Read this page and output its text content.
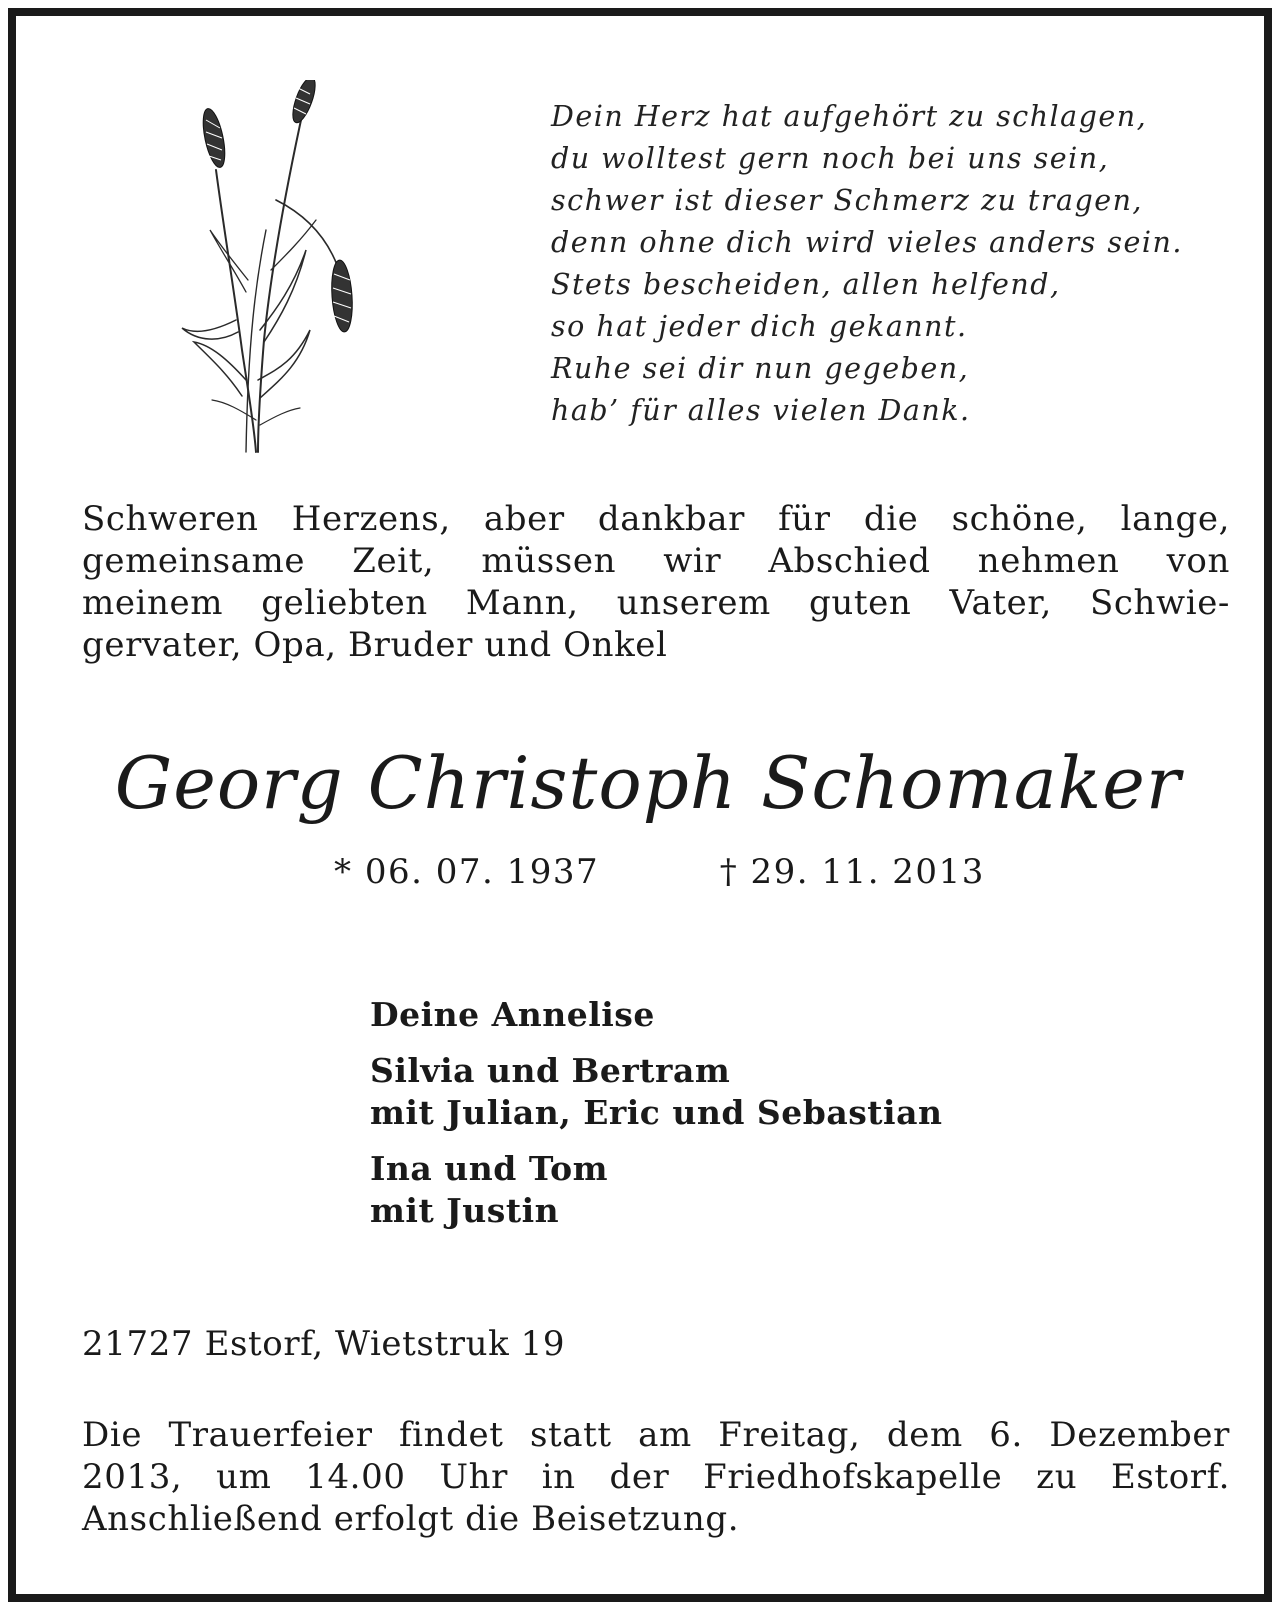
Dein Herz hat aufgehört zu schlagen,
du wolltest gern noch bei uns sein,
schwer ist dieser Schmerz zu tragen,
denn ohne dich wird vieles anders sein.
Stets bescheiden, allen helfend,
so hat jeder dich gekannt.
Ruhe sei dir nun gegeben,
hab’ für alles vielen Dank.
Schweren Herzens, aber dankbar für die schöne, lange,
gemeinsame Zeit, müssen wir Abschied nehmen von
meinem geliebten Mann, unserem guten Vater, Schwie-
gervater, Opa, Bruder und Onkel
Georg Christoph Schomaker
* 06. 07. 1937	† 29. 11. 2013
Deine Annelise
Silvia und Bertram
mit Julian, Eric und Sebastian
Ina und Tom
mit Justin
21727 Estorf, Wietstruk 19
Die Trauerfeier findet statt am Freitag, dem 6. Dezember
2013, um 14.00 Uhr in der Friedhofskapelle zu Estorf.
Anschließend erfolgt die Beisetzung.
